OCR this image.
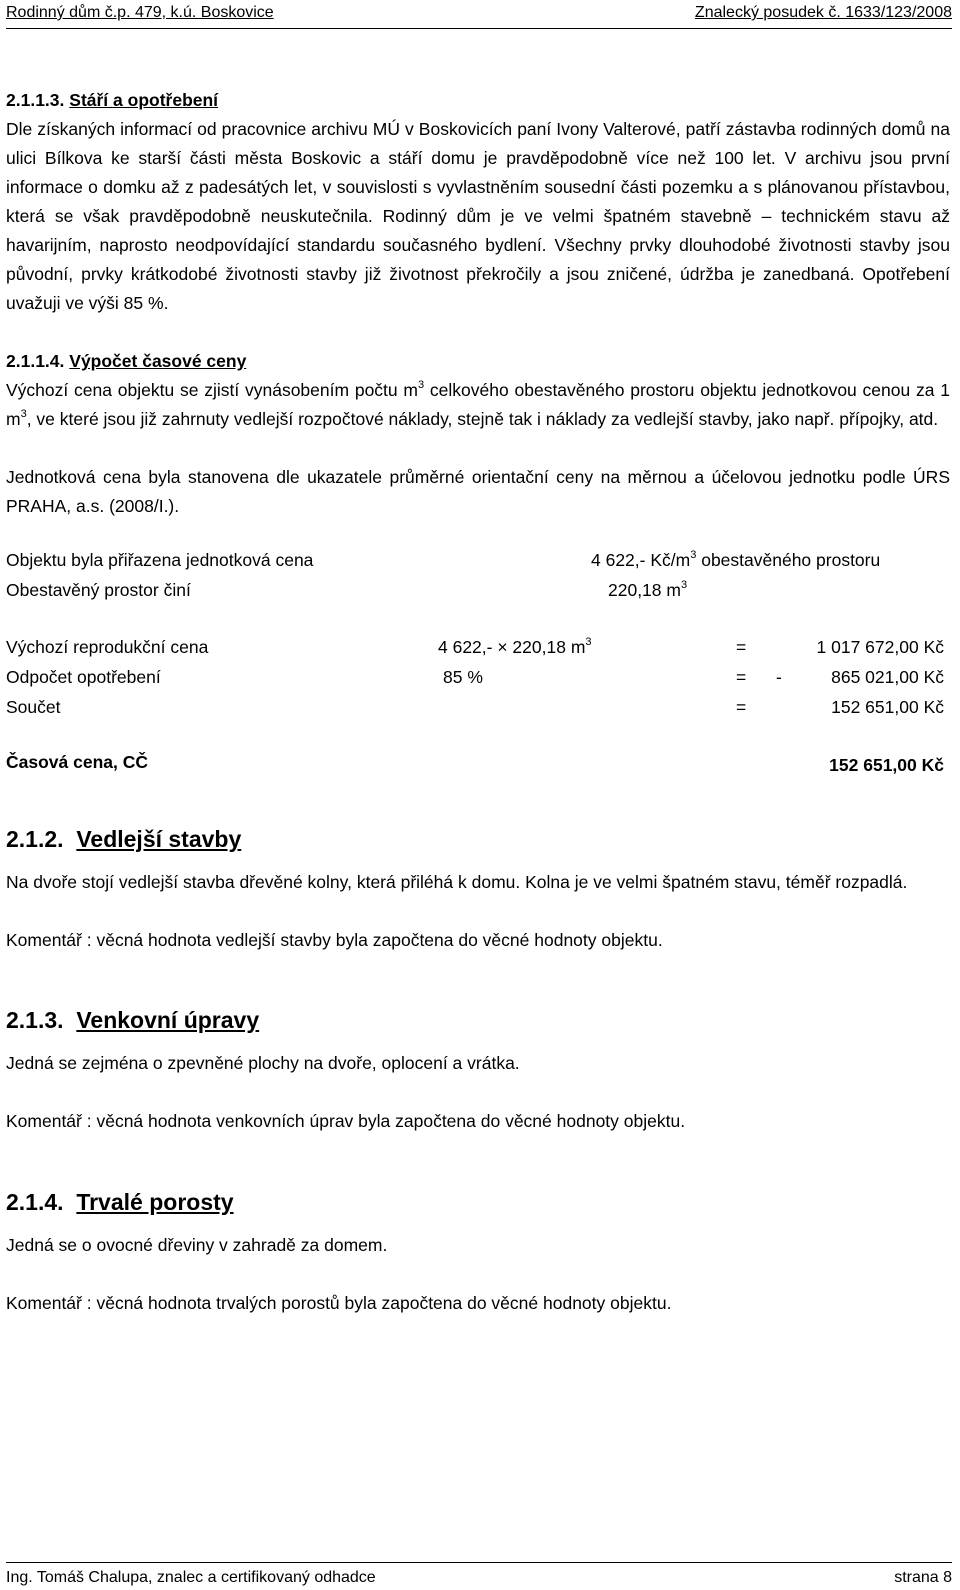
Rodinný dům č.p. 479, k.ú. Boskovice	Znalecký posudek č. 1633/123/2008
2.1.1.3. Stáří a opotřebení

Dle získaných informací od pracovnice archivu MÚ v Boskovicích paní Ivony Valterové, patří zástavba rodinných domů na ulici Bílkova ke starší části města Boskovic a stáří domu je pravděpodobně více než 100 let. V archivu jsou první informace o domku až z padesátých let, v souvislosti s vyvlastněním sousední části pozemku a s plánovanou přístavbou, která se však pravděpodobně neuskutečnila. Rodinný dům je ve velmi špatném stavebně – technickém stavu až havarijním, naprosto neodpovídající standardu současného bydlení. Všechny prvky dlouhodobé životnosti stavby jsou původní, prvky krátkodobé životnosti stavby již životnost překročily a jsou zničené, údržba je zanedbaná. Opotřebení uvažuji ve výši 85 %.

2.1.1.4. Výpočet časové ceny

Výchozí cena objektu se zjistí vynásobením počtu $m^3$ celkového obestavěného prostoru objektu jednotkovou cenou za 1 $m^3$, ve které jsou již zahrnuty vedlejší rozpočtové náklady, stejně tak i náklady za vedlejší stavby, jako např. přípojky, atd.

Jednotková cena byla stanovena dle ukazatele průměrné orientační ceny na měrnou a účelovou jednotku podle ÚRS PRAHA, a.s. (2008/I.).

Objektu byla přiřazena jednotková cena	4 622,- $Kč/m^3$ obestavěného prostoru
Obestavěný prostor činí	220,18 $m^3$
Výchozí reprodukční cena	4 622,- × 220,18 $m^3$	=	1 017 672,00 Kč
Odpočet opotřebení	85 %	= -	865 021,00 Kč
Součet	=	152 651,00 Kč
Časová cena, CČ	152 651,00 Kč
2.1.2. Vedlejší stavby

Na dvoře stojí vedlejší stavba dřevěné kolny, která přiléhá k domu. Kolna je ve velmi špatném stavu, téměř rozpadlá.

Komentář : věcná hodnota vedlejší stavby byla započtena do věcné hodnoty objektu.

2.1.3. Venkovní úpravy

Jedná se zejména o zpevněné plochy na dvoře, oplocení a vrátka.

Komentář : věcná hodnota venkovních úprav byla započtena do věcné hodnoty objektu.

2.1.4. Trvalé porosty

Jedná se o ovocné dřeviny v zahradě za domem.

Komentář : věcná hodnota trvalých porostů byla započtena do věcné hodnoty objektu.

Ing. Tomáš Chalupa, znalec a certifikovaný odhadce	strana 8
